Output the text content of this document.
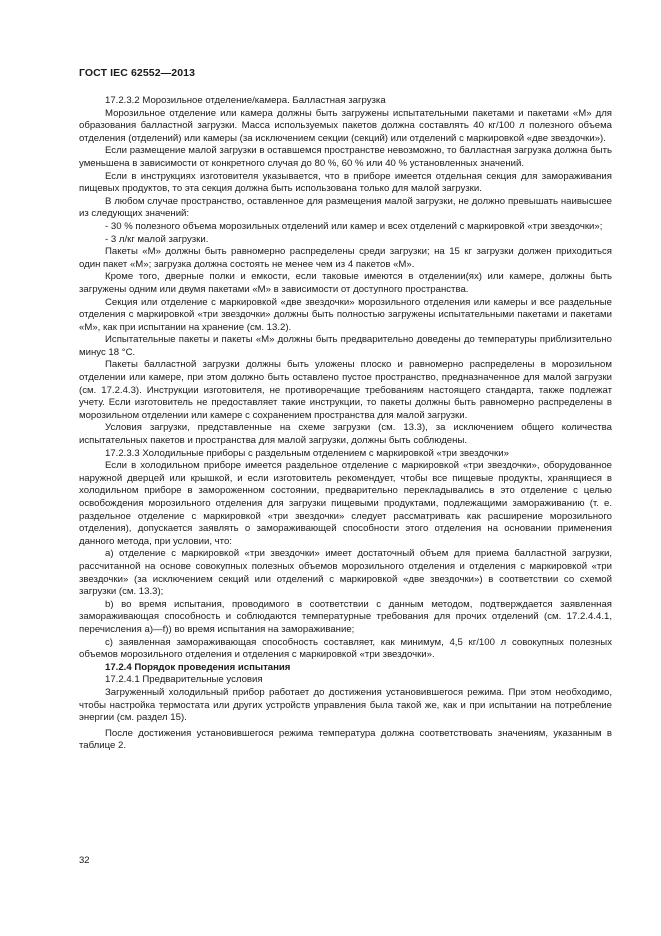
ГОСТ IEC 62552—2013

17.2.3.2 Морозильное отделение/камера. Балластная загрузка

Морозильное отделение или камера должны быть загружены испытательными пакетами и пакетами «М» для образования балластной загрузки. Масса используемых пакетов должна составлять 40 кг/100 л полезного объема отделения (отделений) или камеры (за исключением секции (секций) или отделений с маркировкой «две звездочки»).

Если размещение малой загрузки в оставшемся пространстве невозможно, то балластная загрузка должна быть уменьшена в зависимости от конкретного случая до 80 %, 60 % или 40 % установленных значений.

Если в инструкциях изготовителя указывается, что в приборе имеется отдельная секция для замораживания пищевых продуктов, то эта секция должна быть использована только для малой загрузки.

В любом случае пространство, оставленное для размещения малой загрузки, не должно превышать наивысшее из следующих значений:

- 30 % полезного объема морозильных отделений или камер и всех отделений с маркировкой «три звездочки»;

- 3 л/кг малой загрузки.

Пакеты «М» должны быть равномерно распределены среди загрузки; на 15 кг загрузки должен приходиться один пакет «М»; загрузка должна состоять не менее чем из 4 пакетов «М».

Кроме того, дверные полки и емкости, если таковые имеются в отделении(ях) или камере, должны быть загружены одним или двумя пакетами «М» в зависимости от доступного пространства.

Секция или отделение с маркировкой «две звездочки» морозильного отделения или камеры и все раздельные отделения с маркировкой «три звездочки» должны быть полностью загружены испытательными пакетами и пакетами «М», как при испытании на хранение (см. 13.2).

Испытательные пакеты и пакеты «М» должны быть предварительно доведены до температуры приблизительно минус 18 °С.

Пакеты балластной загрузки должны быть уложены плоско и равномерно распределены в морозильном отделении или камере, при этом должно быть оставлено пустое пространство, предназначенное для малой загрузки (см. 17.2.4.3). Инструкции изготовителя, не противоречащие требованиям настоящего стандарта, также подлежат учету. Если изготовитель не предоставляет такие инструкции, то пакеты должны быть равномерно распределены в морозильном отделении или камере с сохранением пространства для малой загрузки.

Условия загрузки, представленные на схеме загрузки (см. 13.3), за исключением общего количества испытательных пакетов и пространства для малой загрузки, должны быть соблюдены.

17.2.3.3 Холодильные приборы с раздельным отделением с маркировкой «три звездочки»

Если в холодильном приборе имеется раздельное отделение с маркировкой «три звездочки», оборудованное наружной дверцей или крышкой, и если изготовитель рекомендует, чтобы все пищевые продукты, хранящиеся в холодильном приборе в замороженном состоянии, предварительно перекладывались в это отделение с целью освобождения морозильного отделения для загрузки пищевыми продуктами, подлежащими замораживанию (т. е. раздельное отделение с маркировкой «три звездочки» следует рассматривать как расширение морозильного отделения), допускается заявлять о замораживающей способности этого отделения на основании применения данного метода, при условии, что:

а) отделение с маркировкой «три звездочки» имеет достаточный объем для приема балластной загрузки, рассчитанной на основе совокупных полезных объемов морозильного отделения и отделения с маркировкой «три звездочки» (за исключением секций или отделений с маркировкой «две звездочки») в соответствии со схемой загрузки (см. 13.3);

b) во время испытания, проводимого в соответствии с данным методом, подтверждается заявленная замораживающая способность и соблюдаются температурные требования для прочих отделений (см. 17.2.4.4.1, перечисления а)—f)) во время испытания на замораживание;

с) заявленная замораживающая способность составляет, как минимум, 4,5 кг/100 л совокупных полезных объемов морозильного отделения и отделения с маркировкой «три звездочки».

17.2.4 Порядок проведения испытания

17.2.4.1 Предварительные условия

Загруженный холодильный прибор работает до достижения установившегося режима. При этом необходимо, чтобы настройка термостата или других устройств управления была такой же, как и при испытании на потребление энергии (см. раздел 15).

После достижения установившегося режима температура должна соответствовать значениям, указанным в таблице 2.

32
